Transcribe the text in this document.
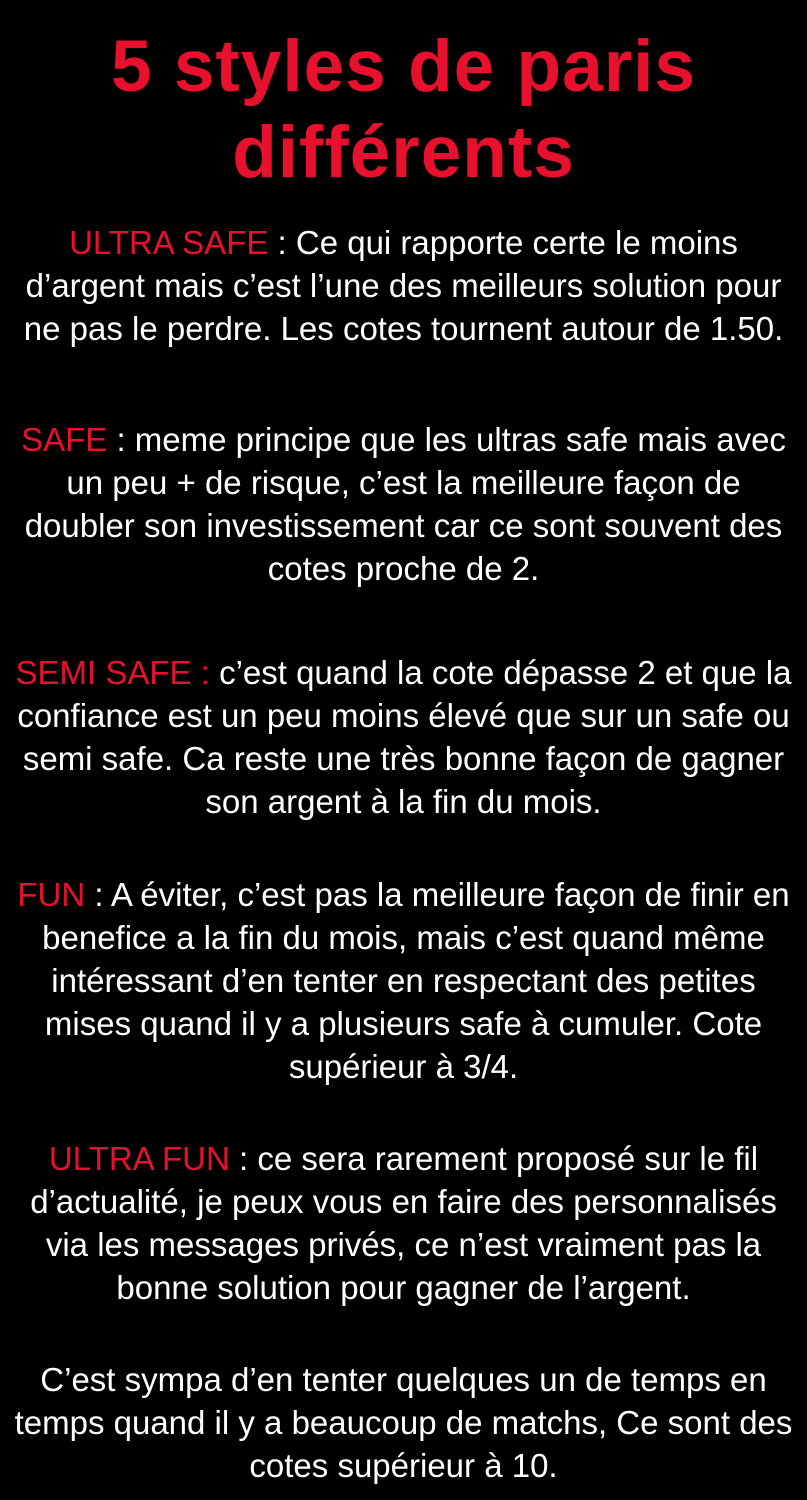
5 styles de paris différents

ULTRA SAFE : Ce qui rapporte certe le moins d’argent mais c’est l’une des meilleurs solution pour ne pas le perdre. Les cotes tournent autour de 1.50.

SAFE : meme principe que les ultras safe mais avec un peu + de risque, c’est la meilleure façon de doubler son investissement car ce sont souvent des cotes proche de 2.

SEMI SAFE : c’est quand la cote dépasse 2 et que la confiance est un peu moins élevé que sur un safe ou semi safe. Ca reste une très bonne façon de gagner son argent à la fin du mois.

FUN : A éviter, c’est pas la meilleure façon de finir en benefice a la fin du mois, mais c’est quand même intéressant d’en tenter en respectant des petites mises quand il y a plusieurs safe à cumuler. Cote supérieur à 3/4.

ULTRA FUN : ce sera rarement proposé sur le fil d’actualité, je peux vous en faire des personnalisés via les messages privés, ce n’est vraiment pas la bonne solution pour gagner de l’argent.

C’est sympa d’en tenter quelques un de temps en temps quand il y a beaucoup de matchs, Ce sont des cotes supérieur à 10.
